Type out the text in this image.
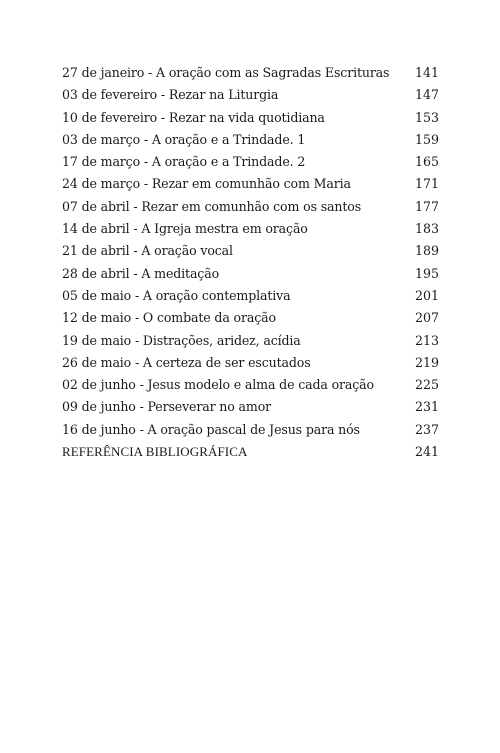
27 de janeiro - A oração com as Sagradas Escrituras	141
03 de fevereiro - Rezar na Liturgia	147
10 de fevereiro - Rezar na vida quotidiana	153
03 de março - A oração e a Trindade. 1	159
17 de março - A oração e a Trindade. 2	165
24 de março - Rezar em comunhão com Maria	171
07 de abril - Rezar em comunhão com os santos	177
14 de abril - A Igreja mestra em oração	183
21 de abril - A oração vocal	189
28 de abril - A meditação	195
05 de maio - A oração contemplativa	201
12 de maio - O combate da oração	207
19 de maio - Distrações, aridez, acídia	213
26 de maio - A certeza de ser escutados	219
02 de junho - Jesus modelo e alma de cada oração	225
09 de junho - Perseverar no amor	231
16 de junho - A oração pascal de Jesus para nós	237
REFERÊNCIA BIBLIOGRÁFICA	241
